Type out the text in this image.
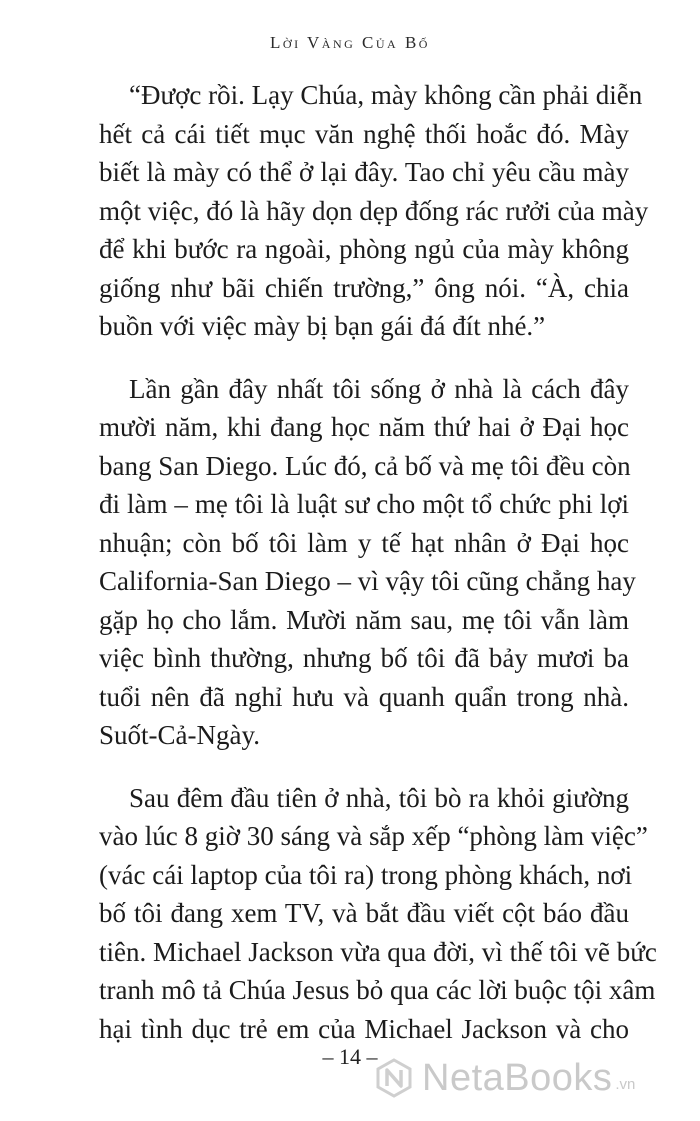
Lời Vàng Của Bố

“Được rồi. Lạy Chúa, mày không cần phải diễn
hết cả cái tiết mục văn nghệ thối hoắc đó. Mày
biết là mày có thể ở lại đây. Tao chỉ yêu cầu mày
một việc, đó là hãy dọn dẹp đống rác rưởi của mày
để khi bước ra ngoài, phòng ngủ của mày không
giống như bãi chiến trường,” ông nói. “À, chia
buồn với việc mày bị bạn gái đá đít nhé.”

Lần gần đây nhất tôi sống ở nhà là cách đây
mười năm, khi đang học năm thứ hai ở Đại học
bang San Diego. Lúc đó, cả bố và mẹ tôi đều còn
đi làm – mẹ tôi là luật sư cho một tổ chức phi lợi
nhuận; còn bố tôi làm y tế hạt nhân ở Đại học
California-San Diego – vì vậy tôi cũng chẳng hay
gặp họ cho lắm. Mười năm sau, mẹ tôi vẫn làm
việc bình thường, nhưng bố tôi đã bảy mươi ba
tuổi nên đã nghỉ hưu và quanh quẩn trong nhà.
Suốt-Cả-Ngày.

Sau đêm đầu tiên ở nhà, tôi bò ra khỏi giường
vào lúc 8 giờ 30 sáng và sắp xếp “phòng làm việc”
(vác cái laptop của tôi ra) trong phòng khách, nơi
bố tôi đang xem TV, và bắt đầu viết cột báo đầu
tiên. Michael Jackson vừa qua đời, vì thế tôi vẽ bức
tranh mô tả Chúa Jesus bỏ qua các lời buộc tội xâm
hại tình dục trẻ em của Michael Jackson và cho

– 14 –	NetaBooks .vn
